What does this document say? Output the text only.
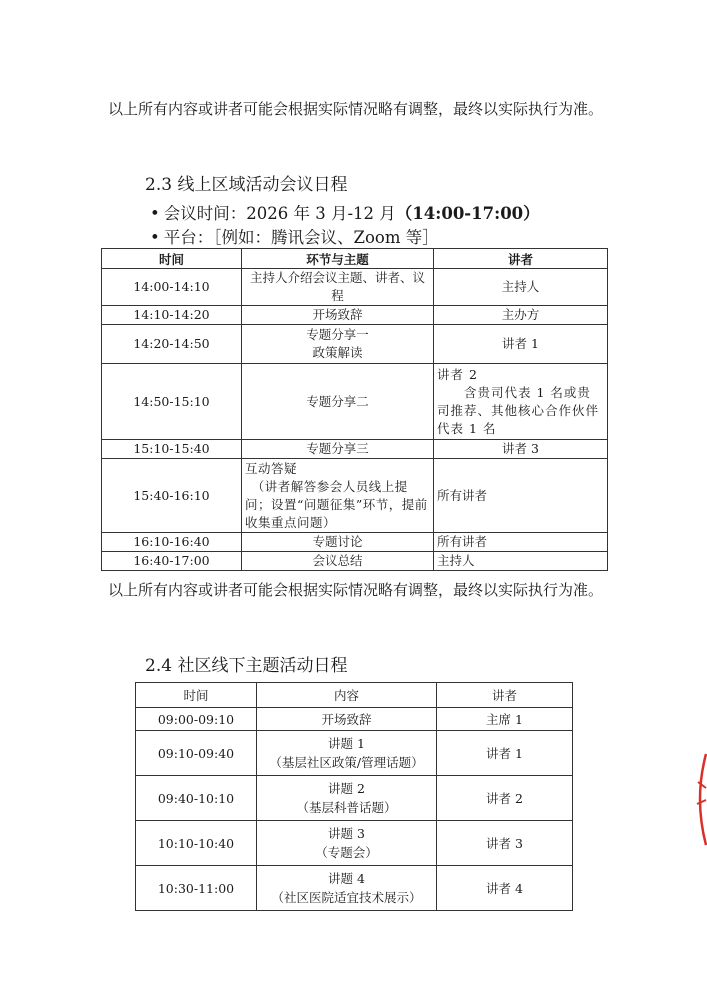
以上所有内容或讲者可能会根据实际情况略有调整，最终以实际执行为准。

2.3 线上区域活动会议日程
• 会议时间：2026 年 3 月-12 月（14:00-17:00）
• 平台：［例如：腾讯会议、Zoom 等］
时间	环节与主题	讲者
14:00-14:10	主持人介绍会议主题、讲者、议程	主持人
14:10-14:20	开场致辞	主办方
14:20-14:50	专题分享一
政策解读	讲者 1
14:50-15:10	专题分享二	讲者 2
　　含贵司代表 1 名或贵司推荐、其他核心合作伙伴代表 1 名
15:10-15:40	专题分享三	讲者 3
15:40-16:10	互动答疑
　（讲者解答参会人员线上提问；设置“问题征集”环节，提前收集重点问题）	所有讲者
16:10-16:40	专题讨论	所有讲者
16:40-17:00	会议总结	主持人

以上所有内容或讲者可能会根据实际情况略有调整，最终以实际执行为准。

2.4 社区线下主题活动日程
时间	内容	讲者
09:00-09:10	开场致辞	主席 1
09:10-09:40	讲题 1
（基层社区政策/管理话题）	讲者 1
09:40-10:10	讲题 2
（基层科普话题）	讲者 2
10:10-10:40	讲题 3
（专题会）	讲者 3
10:30-11:00	讲题 4
（社区医院适宜技术展示）	讲者 4
